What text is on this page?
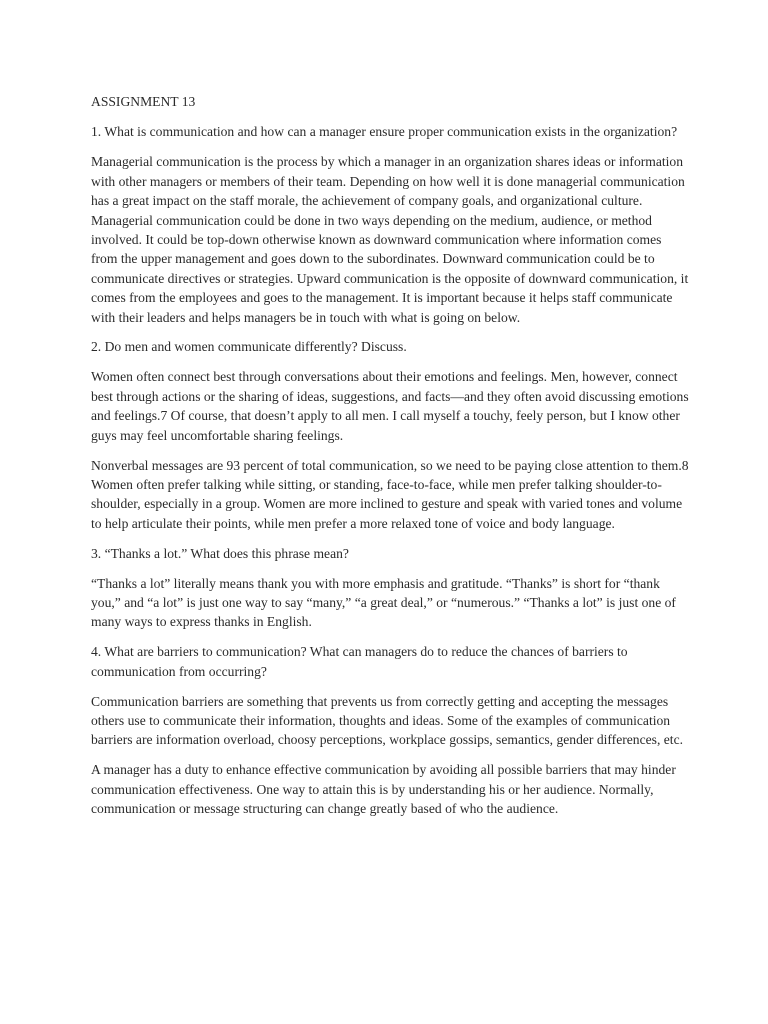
ASSIGNMENT 13

1. What is communication and how can a manager ensure proper communication exists in the organization?

Managerial communication is the process by which a manager in an organization shares ideas or information with other managers or members of their team. Depending on how well it is done managerial communication has a great impact on the staff morale, the achievement of company goals, and organizational culture. Managerial communication could be done in two ways depending on the medium, audience, or method involved. It could be top-down otherwise known as downward communication where information comes from the upper management and goes down to the subordinates. Downward communication could be to communicate directives or strategies. Upward communication is the opposite of downward communication, it comes from the employees and goes to the management. It is important because it helps staff communicate with their leaders and helps managers be in touch with what is going on below.

2. Do men and women communicate differently? Discuss.

Women often connect best through conversations about their emotions and feelings. Men, however, connect best through actions or the sharing of ideas, suggestions, and facts—and they often avoid discussing emotions and feelings.7 Of course, that doesn’t apply to all men. I call myself a touchy, feely person, but I know other guys may feel uncomfortable sharing feelings.

Nonverbal messages are 93 percent of total communication, so we need to be paying close attention to them.8 Women often prefer talking while sitting, or standing, face-to-face, while men prefer talking shoulder-to-shoulder, especially in a group. Women are more inclined to gesture and speak with varied tones and volume to help articulate their points, while men prefer a more relaxed tone of voice and body language.

3. “Thanks a lot.” What does this phrase mean?

“Thanks a lot” literally means thank you with more emphasis and gratitude. “Thanks” is short for “thank you,” and “a lot” is just one way to say “many,” “a great deal,” or “numerous.” “Thanks a lot” is just one of many ways to express thanks in English.

4. What are barriers to communication? What can managers do to reduce the chances of barriers to communication from occurring?

Communication barriers are something that prevents us from correctly getting and accepting the messages others use to communicate their information, thoughts and ideas. Some of the examples of communication barriers are information overload, choosy perceptions, workplace gossips, semantics, gender differences, etc.

A manager has a duty to enhance effective communication by avoiding all possible barriers that may hinder communication effectiveness. One way to attain this is by understanding his or her audience. Normally, communication or message structuring can change greatly based of who the audience.
